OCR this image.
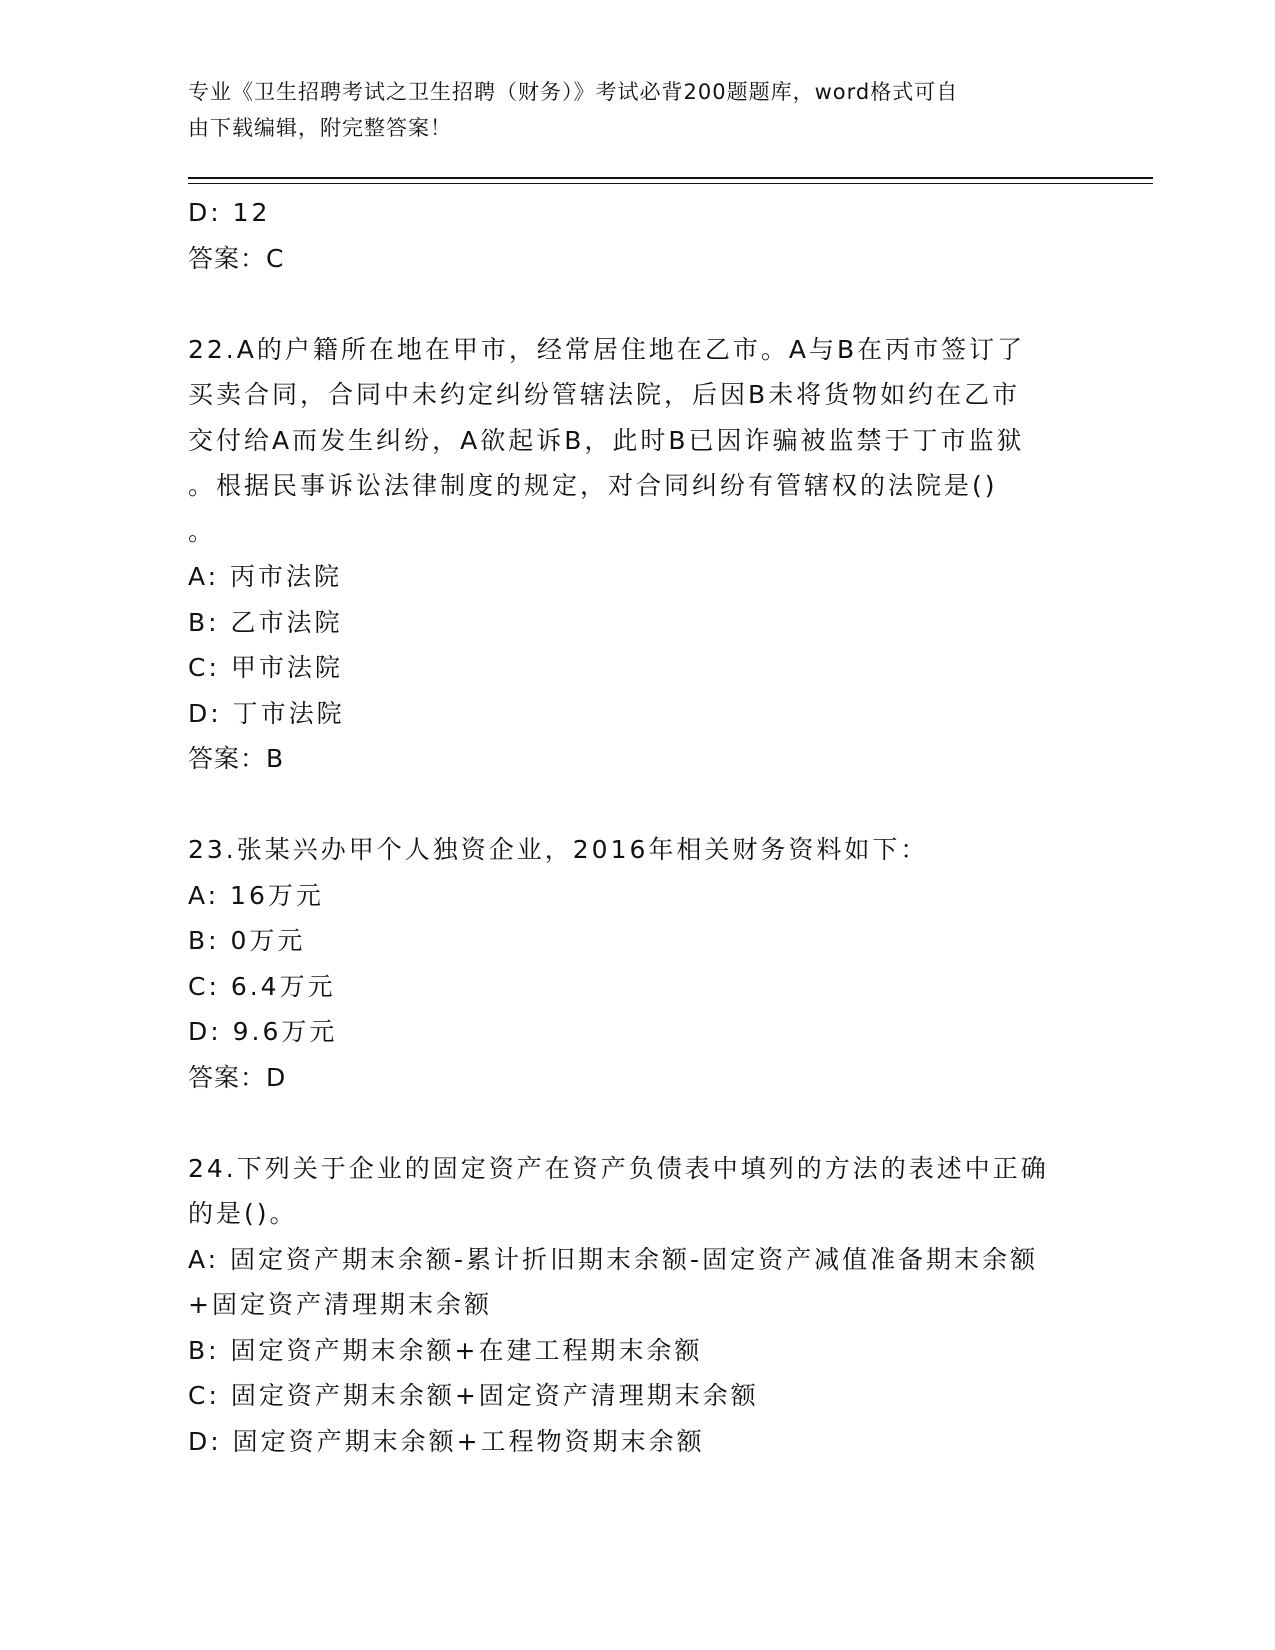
专业《卫生招聘考试之卫生招聘（财务）》考试必背200题题库，word格式可自
由下载编辑，附完整答案！
D: 12
答案：C
22.A的户籍所在地在甲市，经常居住地在乙市。A与B在丙市签订了
买卖合同，合同中未约定纠纷管辖法院，后因B未将货物如约在乙市
交付给A而发生纠纷，A欲起诉B，此时B已因诈骗被监禁于丁市监狱
。根据民事诉讼法律制度的规定，对合同纠纷有管辖权的法院是()
。
A: 丙市法院
B: 乙市法院
C: 甲市法院
D: 丁市法院
答案：B
23.张某兴办甲个人独资企业，2016年相关财务资料如下：
A: 16万元
B: 0万元
C: 6.4万元
D: 9.6万元
答案：D
24.下列关于企业的固定资产在资产负债表中填列的方法的表述中正确
的是()。
A: 固定资产期末余额-累计折旧期末余额-固定资产减值准备期末余额
+固定资产清理期末余额
B: 固定资产期末余额+在建工程期末余额
C: 固定资产期末余额+固定资产清理期末余额
D: 固定资产期末余额+工程物资期末余额
